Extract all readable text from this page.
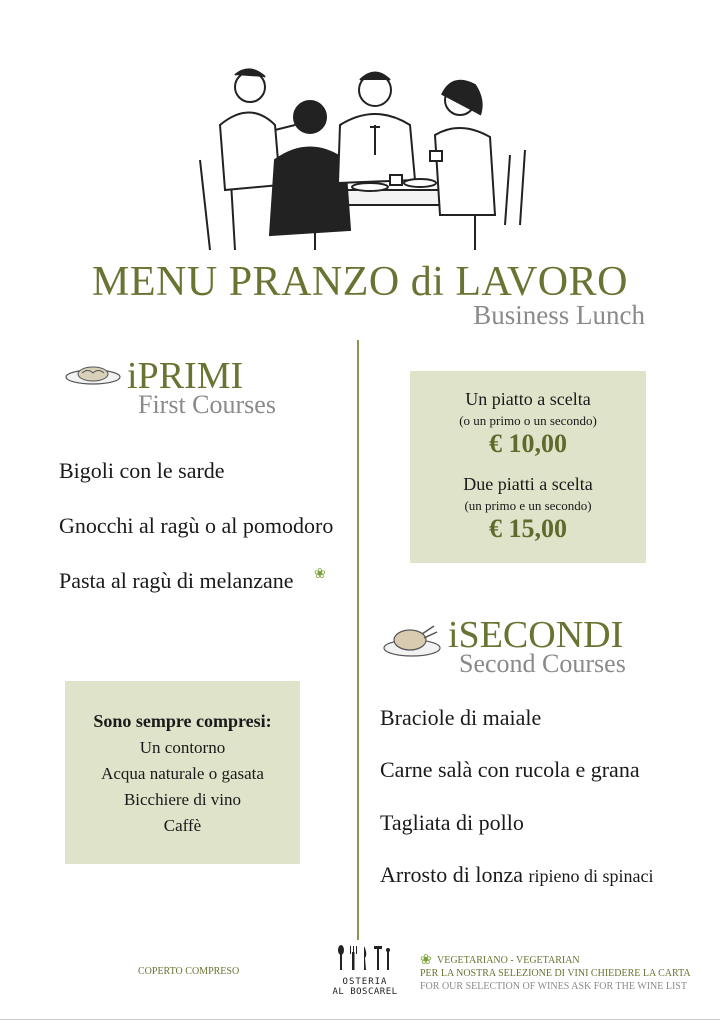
MENU PRANZO di LAVORO
Business Lunch
iPRIMI
First Courses
Bigoli con le sarde
Gnocchi al ragù o al pomodoro
Pasta al ragù di melanzane ❀
Un piatto a scelta
(o un primo o un secondo)
€ 10,00
Due piatti a scelta
(un primo e un secondo)
€ 15,00
Sono sempre compresi:
Un contorno
Acqua naturale o gasata
Bicchiere di vino
Caffè
iSECONDI
Second Courses
Braciole di maiale
Carne salà con rucola e grana
Tagliata di pollo
Arrosto di lonza ripieno di spinaci
COPERTO COMPRESO
OSTERIA
AL BOSCAREL
❀ VEGETARIANO - VEGETARIAN
PER LA NOSTRA SELEZIONE DI VINI CHIEDERE LA CARTA
FOR OUR SELECTION OF WINES ASK FOR THE WINE LIST
